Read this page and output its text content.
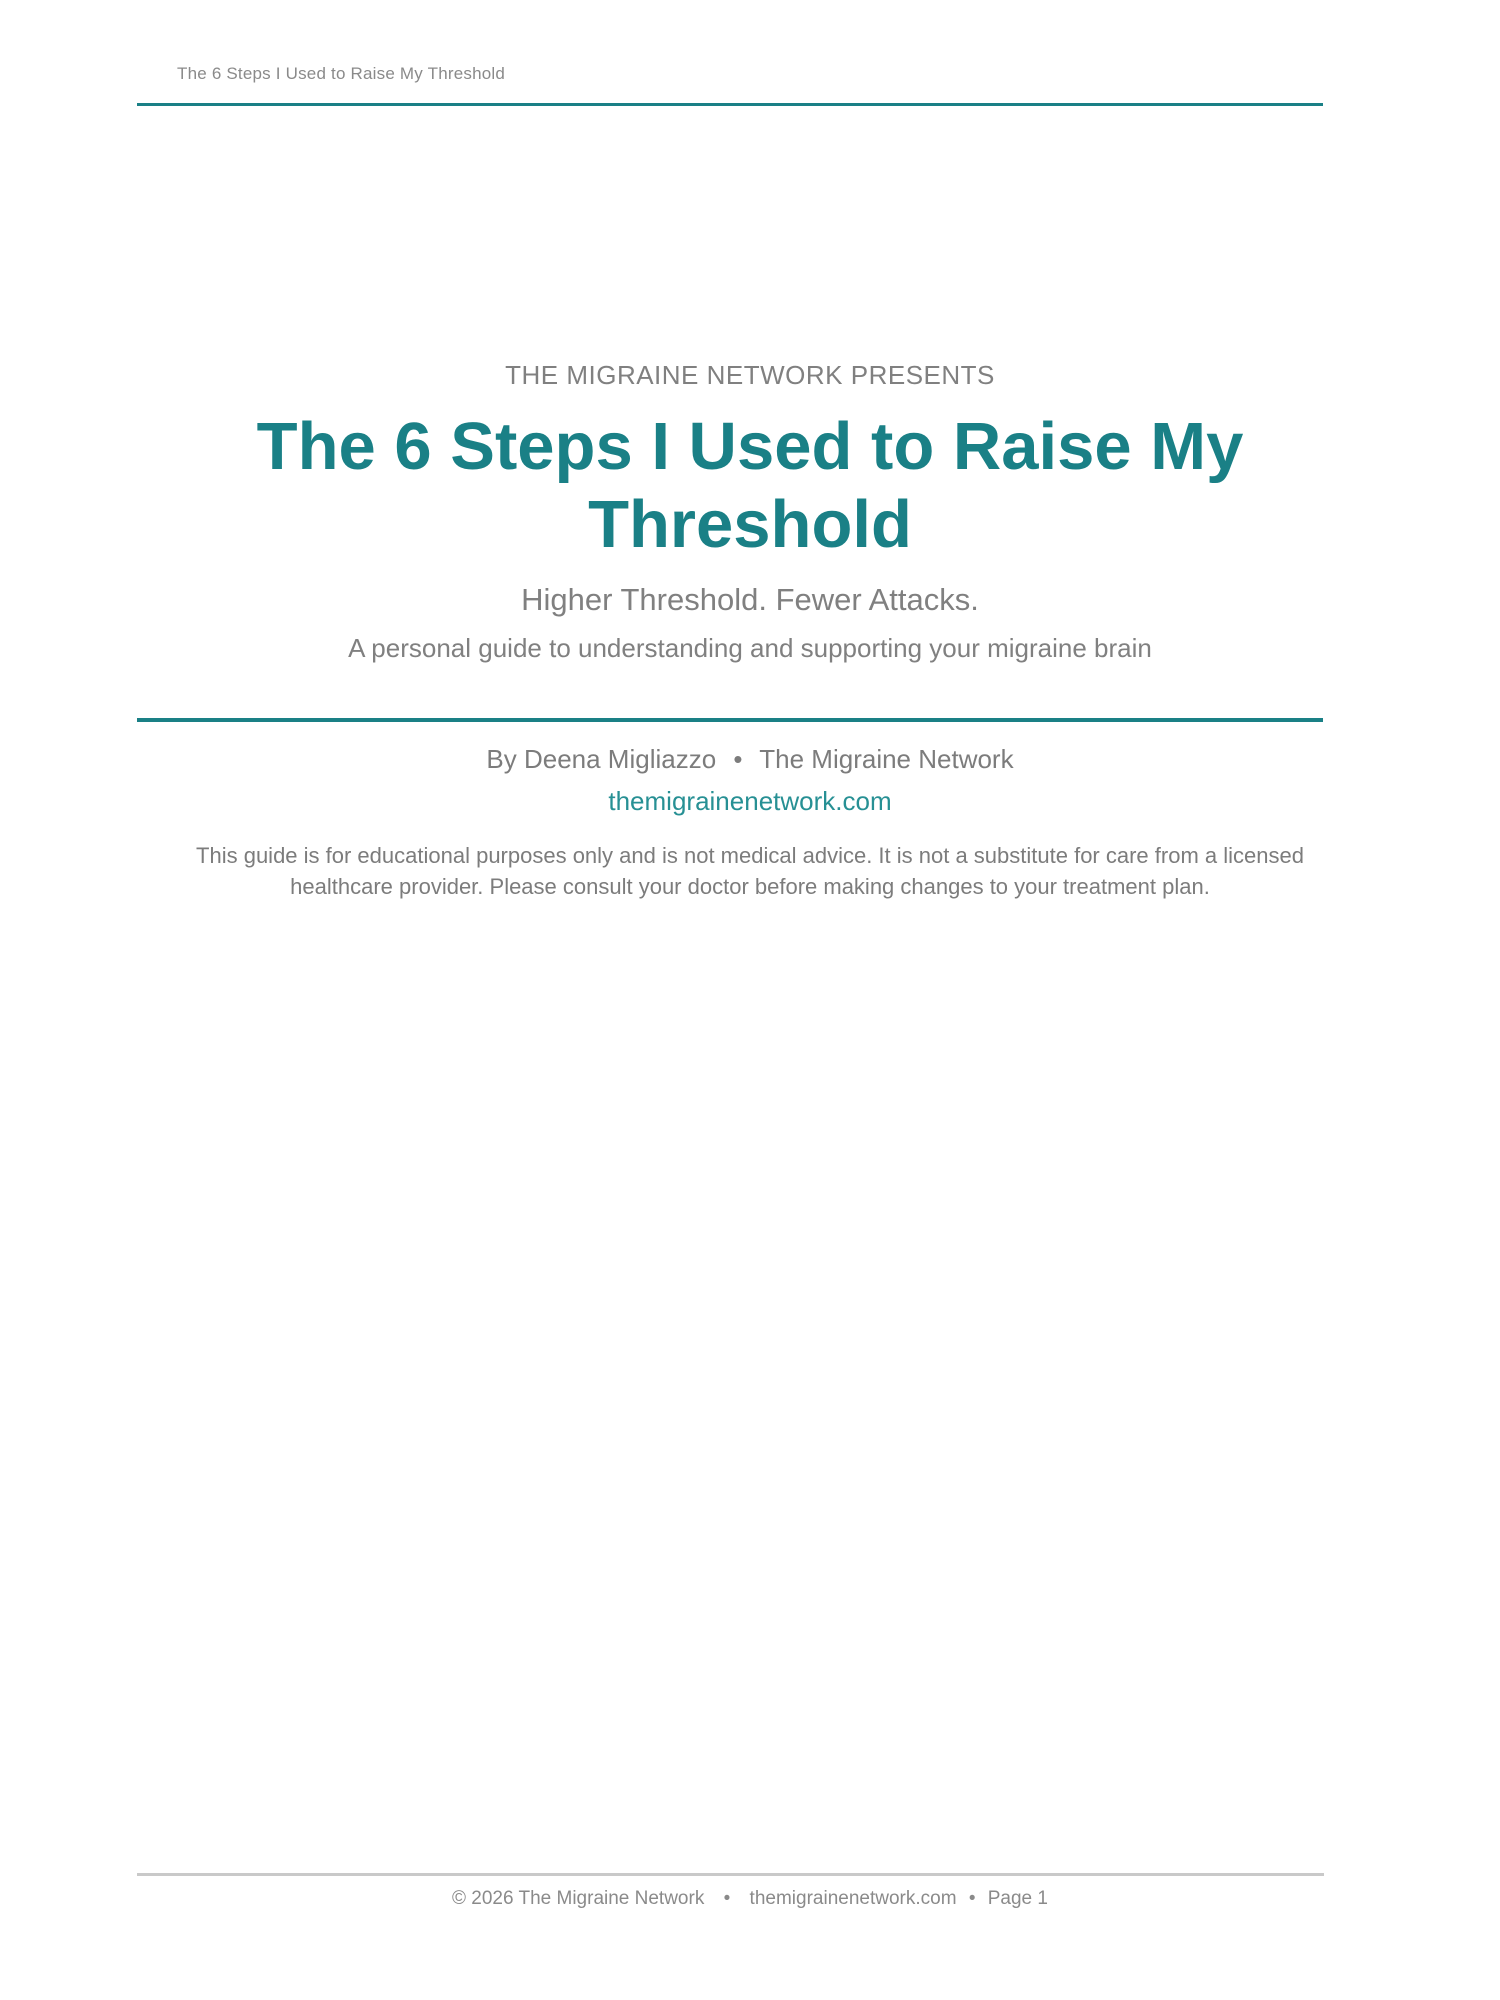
The 6 Steps I Used to Raise My Threshold
THE MIGRAINE NETWORK PRESENTS
The 6 Steps I Used to Raise My
Threshold
Higher Threshold. Fewer Attacks.
A personal guide to understanding and supporting your migraine brain
By Deena Migliazzo • The Migraine Network
themigrainenetwork.com
This guide is for educational purposes only and is not medical advice. It is not a substitute for care from a licensed
healthcare provider. Please consult your doctor before making changes to your treatment plan.
© 2026 The Migraine Network • themigrainenetwork.com • Page 1
